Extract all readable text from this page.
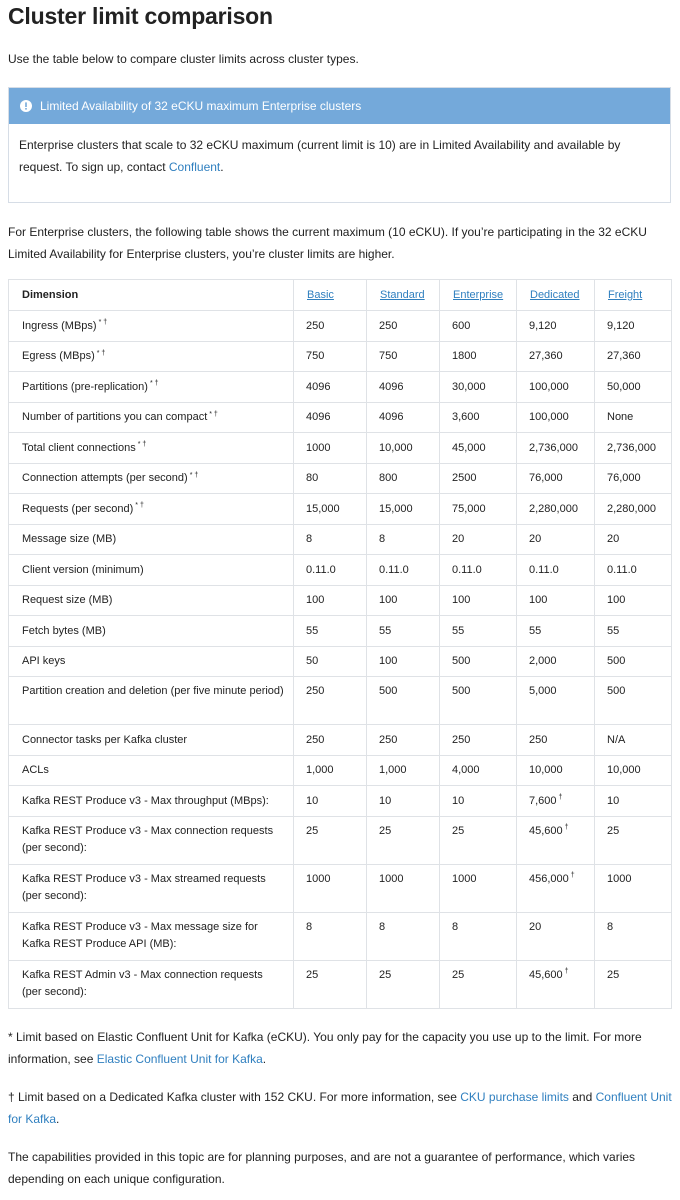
Cluster limit comparison

Use the table below to compare cluster limits across cluster types.

Limited Availability of 32 eCKU maximum Enterprise clusters
Enterprise clusters that scale to 32 eCKU maximum (current limit is 10) are in Limited Availability and available by request. To sign up, contact Confluent.

For Enterprise clusters, the following table shows the current maximum (10 eCKU). If you’re participating in the 32 eCKU Limited Availability for Enterprise clusters, you’re cluster limits are higher.

Dimension	Basic	Standard	Enterprise	Dedicated	Freight
Ingress (MBps) * †	250	250	600	9,120	9,120
Egress (MBps) * †	750	750	1800	27,360	27,360
Partitions (pre-replication) * †	4096	4096	30,000	100,000	50,000
Number of partitions you can compact * †	4096	4096	3,600	100,000	None
Total client connections * †	1000	10,000	45,000	2,736,000	2,736,000
Connection attempts (per second) * †	80	800	2500	76,000	76,000
Requests (per second) * †	15,000	15,000	75,000	2,280,000	2,280,000
Message size (MB)	8	8	20	20	20
Client version (minimum)	0.11.0	0.11.0	0.11.0	0.11.0	0.11.0
Request size (MB)	100	100	100	100	100
Fetch bytes (MB)	55	55	55	55	55
API keys	50	100	500	2,000	500
Partition creation and deletion (per five minute period)	250	500	500	5,000	500
Connector tasks per Kafka cluster	250	250	250	250	N/A
ACLs	1,000	1,000	4,000	10,000	10,000
Kafka REST Produce v3 - Max throughput (MBps):	10	10	10	7,600 †	10
Kafka REST Produce v3 - Max connection requests (per second):	25	25	25	45,600 †	25
Kafka REST Produce v3 - Max streamed requests (per second):	1000	1000	1000	456,000 †	1000
Kafka REST Produce v3 - Max message size for Kafka REST Produce API (MB):	8	8	8	20	8
Kafka REST Admin v3 - Max connection requests (per second):	25	25	25	45,600 †	25

* Limit based on Elastic Confluent Unit for Kafka (eCKU). You only pay for the capacity you use up to the limit. For more information, see Elastic Confluent Unit for Kafka.

† Limit based on a Dedicated Kafka cluster with 152 CKU. For more information, see CKU purchase limits and Confluent Unit for Kafka.

The capabilities provided in this topic are for planning purposes, and are not a guarantee of performance, which varies depending on each unique configuration.
